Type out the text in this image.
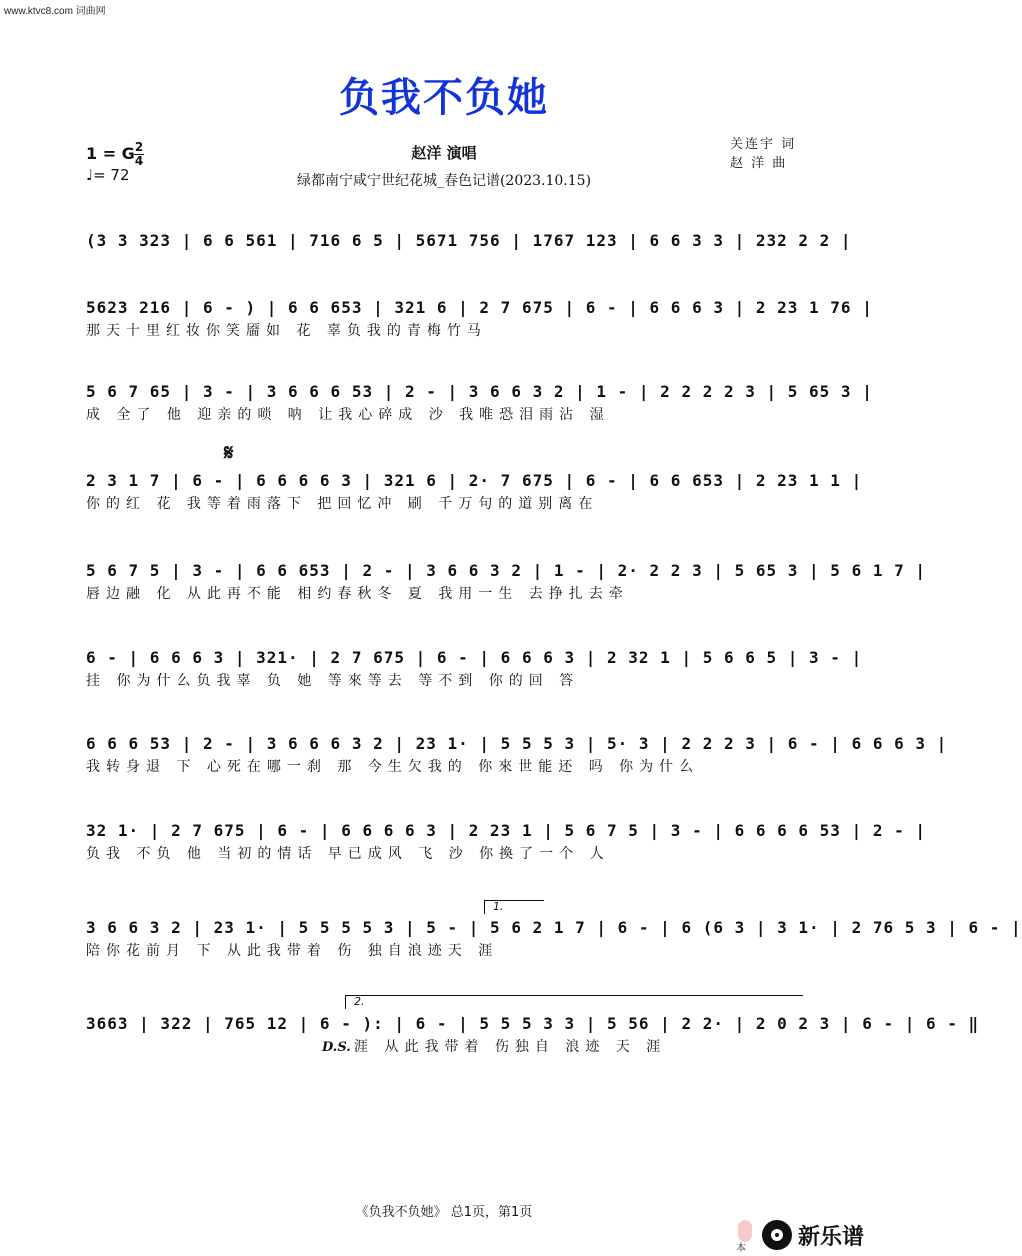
www.ktvc8.com 词曲网
负我不负她
1 = G 2
4
♩= 72
赵洋 演唱
绿都南宁咸宁世纪花城_春色记谱(2023.10.15)
关连宇 词
赵 洋 曲
(3 3 323 | 6 6 561 | 716 6 5 | 5671 756 | 1767 123 | 6 6 3 3 | 232 2 2 |
5623 216 | 6 - ) | 6 6 653 | 321 6 | 2 7 675 | 6 - | 6 6 6 3 | 2 23 1 76 |
那天十里红妆你笑靥如 花 辜负我的青梅竹马
5 6 7 65 | 3 - | 3 6 6 6 53 | 2 - | 3 6 6 3 2 | 1 - | 2 2 2 2 3 | 5 65 3 |
成 全了 他 迎亲的唢 呐 让我心碎成 沙 我唯恐泪雨沾 湿
𝄋
2 3 1 7 | 6 - | 6 6 6 6 3 | 321 6 | 2· 7 675 | 6 - | 6 6 653 | 2 23 1 1 |
你的红 花 我等着雨落下 把回忆冲 刷 千万句的道别离在
5 6 7 5 | 3 - | 6 6 653 | 2 - | 3 6 6 3 2 | 1 - | 2· 2 2 3 | 5 65 3 | 5 6 1 7 |
唇边融 化 从此再不能 相约春秋冬 夏 我用一生 去挣扎去牵
6 - | 6 6 6 3 | 321· | 2 7 675 | 6 - | 6 6 6 3 | 2 32 1 | 5 6 6 5 | 3 - |
挂 你为什么负我辜 负 她 等來等去 等不到 你的回 答
6 6 6 53 | 2 - | 3 6 6 6 3 2 | 23 1· | 5 5 5 3 | 5· 3 | 2 2 2 3 | 6 - | 6 6 6 3 |
我转身退 下 心死在哪一刹 那 今生欠我的 你來世能还 吗 你为什么
32 1· | 2 7 675 | 6 - | 6 6 6 6 3 | 2 23 1 | 5 6 7 5 | 3 - | 6 6 6 6 53 | 2 - |
负我 不负 他 当初的情话 早已成风 飞 沙 你換了一个 人
1.
3 6 6 3 2 | 23 1· | 5 5 5 5 3 | 5 - | 5 6 2 1 7 | 6 - | 6 (6 3 | 3 1· | 2 76 5 3 | 6 - |
陪你花前月 下 从此我带着 伤 独自浪迹天 涯
2.
3663 | 322 | 765 12 | 6 - ): | 6 - | 5 5 5 3 3 | 5 56 | 2 2· | 2 0 2 3 | 6 - | 6 - ‖
涯 从此我带着 伤独自 浪迹 天 涯
D.S.
《负我不负她》 总1页，第1页
本 新乐谱
